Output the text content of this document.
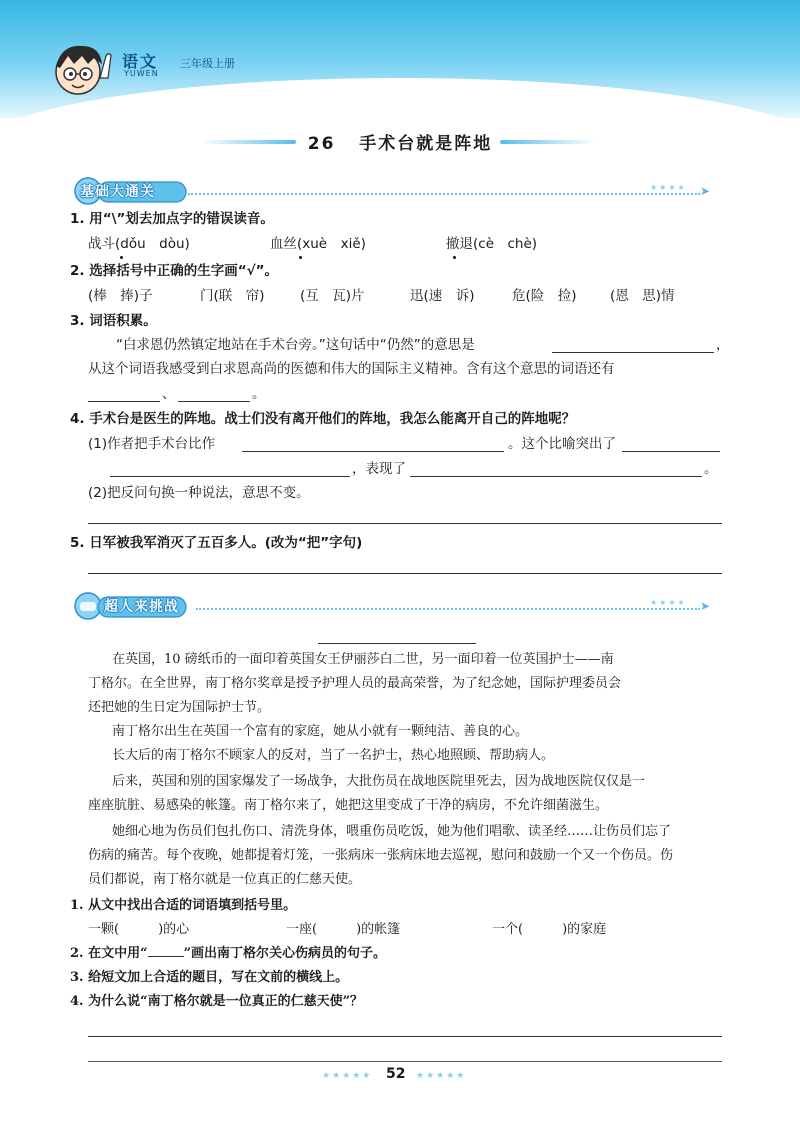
语文
YUWEN
三年级上册
26 手术台就是阵地
基础大通关	★★★★ ➤
1. 用“\”划去加点字的错误读音。
战斗(dǒu　dòu)	血丝(xuè　xiě)	撤退(cè　chè)
2. 选择括号中正确的生字画“√”。
(棒　捧)子	门(联　帘)	(互　瓦)片	迅(速　诉)	危(险　捡) (恩　思)情
3. 词语积累。
“白求恩仍然镇定地站在手术台旁。”这句话中“仍然”的意思是	，
从这个词语我感受到白求恩高尚的医德和伟大的国际主义精神。含有这个意思的词语还有
、	。
4. 手术台是医生的阵地。战士们没有离开他们的阵地，我怎么能离开自己的阵地呢？
(1)作者把手术台比作	。这个比喻突出了
，表现了	。
(2)把反问句换一种说法，意思不变。
5. 日军被我军消灭了五百多人。(改为“把”字句)
超人来挑战	★★★★ ➤
在英国，10 磅纸币的一面印着英国女王伊丽莎白二世，另一面印着一位英国护士——南
丁格尔。在全世界，南丁格尔奖章是授予护理人员的最高荣誉，为了纪念她，国际护理委员会
还把她的生日定为国际护士节。
南丁格尔出生在英国一个富有的家庭，她从小就有一颗纯洁、善良的心。
长大后的南丁格尔不顾家人的反对，当了一名护士，热心地照顾、帮助病人。
后来，英国和别的国家爆发了一场战争，大批伤员在战地医院里死去，因为战地医院仅仅是一
座座肮脏、易感染的帐篷。南丁格尔来了，她把这里变成了干净的病房，不允许细菌滋生。
她细心地为伤员们包扎伤口、清洗身体，喂重伤员吃饭，她为他们唱歌、读圣经……让伤员们忘了
伤病的痛苦。每个夜晚，她都提着灯笼，一张病床一张病床地去巡视，慰问和鼓励一个又一个伤员。伤
员们都说，南丁格尔就是一位真正的仁慈天使。
1. 从文中找出合适的词语填到括号里。
一颗(　　　)的心	一座(　　　)的帐篷	一个(　　　)的家庭
2. 在文中用“	”画出南丁格尔关心伤病员的句子。
3. 给短文加上合适的题目，写在文前的横线上。
4. 为什么说“南丁格尔就是一位真正的仁慈天使”？
★★★★★ 52 ★★★★★
